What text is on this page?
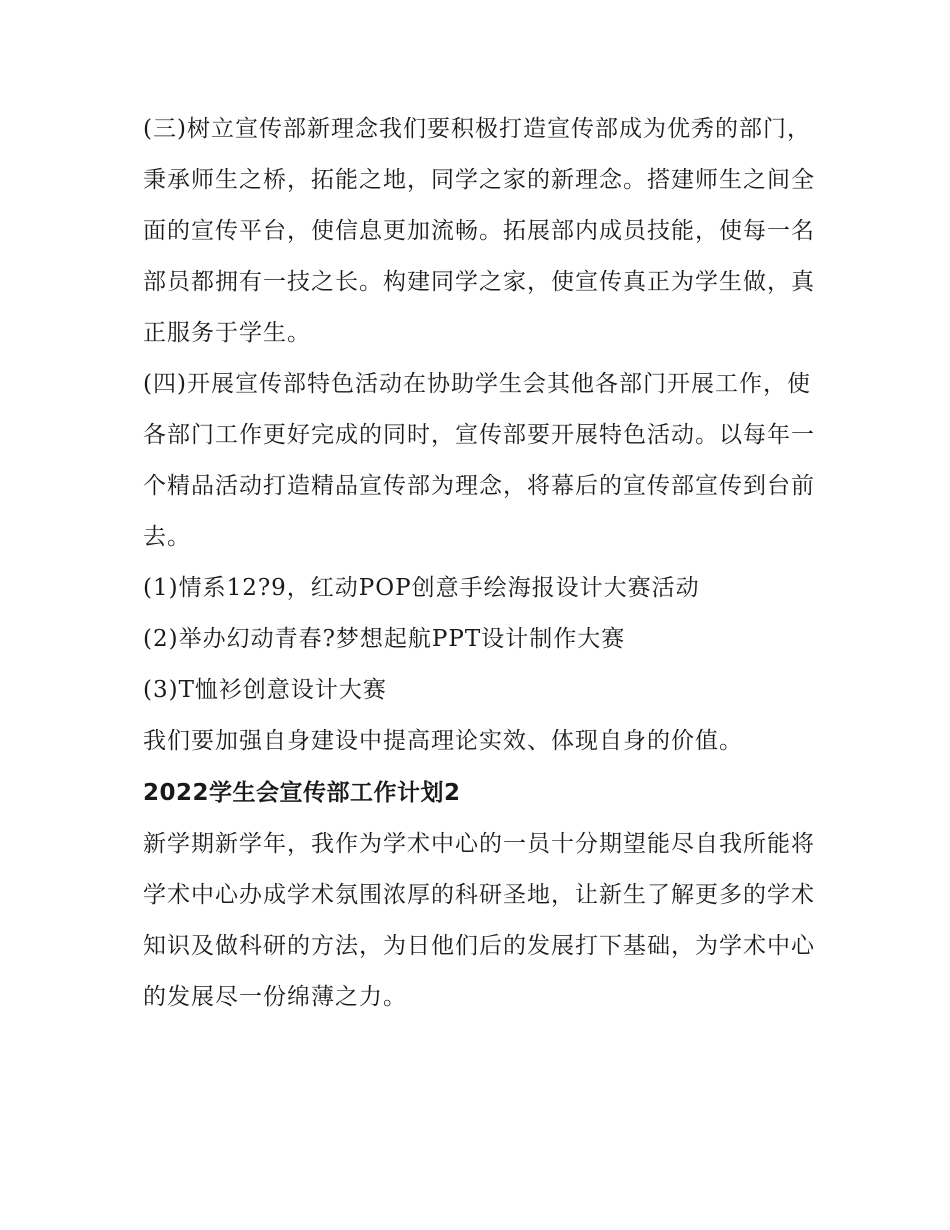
(三)树立宣传部新理念我们要积极打造宣传部成为优秀的部门，秉承师生之桥，拓能之地，同学之家的新理念。搭建师生之间全面的宣传平台，使信息更加流畅。拓展部内成员技能，使每一名部员都拥有一技之长。构建同学之家，使宣传真正为学生做，真正服务于学生。

(四)开展宣传部特色活动在协助学生会其他各部门开展工作，使各部门工作更好完成的同时，宣传部要开展特色活动。以每年一个精品活动打造精品宣传部为理念，将幕后的宣传部宣传到台前去。

(1)情系12?9，红动POP创意手绘海报设计大赛活动

(2)举办幻动青春?梦想起航PPT设计制作大赛

(3)T恤衫创意设计大赛

我们要加强自身建设中提高理论实效、体现自身的价值。

2022学生会宣传部工作计划2

新学期新学年，我作为学术中心的一员十分期望能尽自我所能将学术中心办成学术氛围浓厚的科研圣地，让新生了解更多的学术知识及做科研的方法，为日他们后的发展打下基础，为学术中心的发展尽一份绵薄之力。
